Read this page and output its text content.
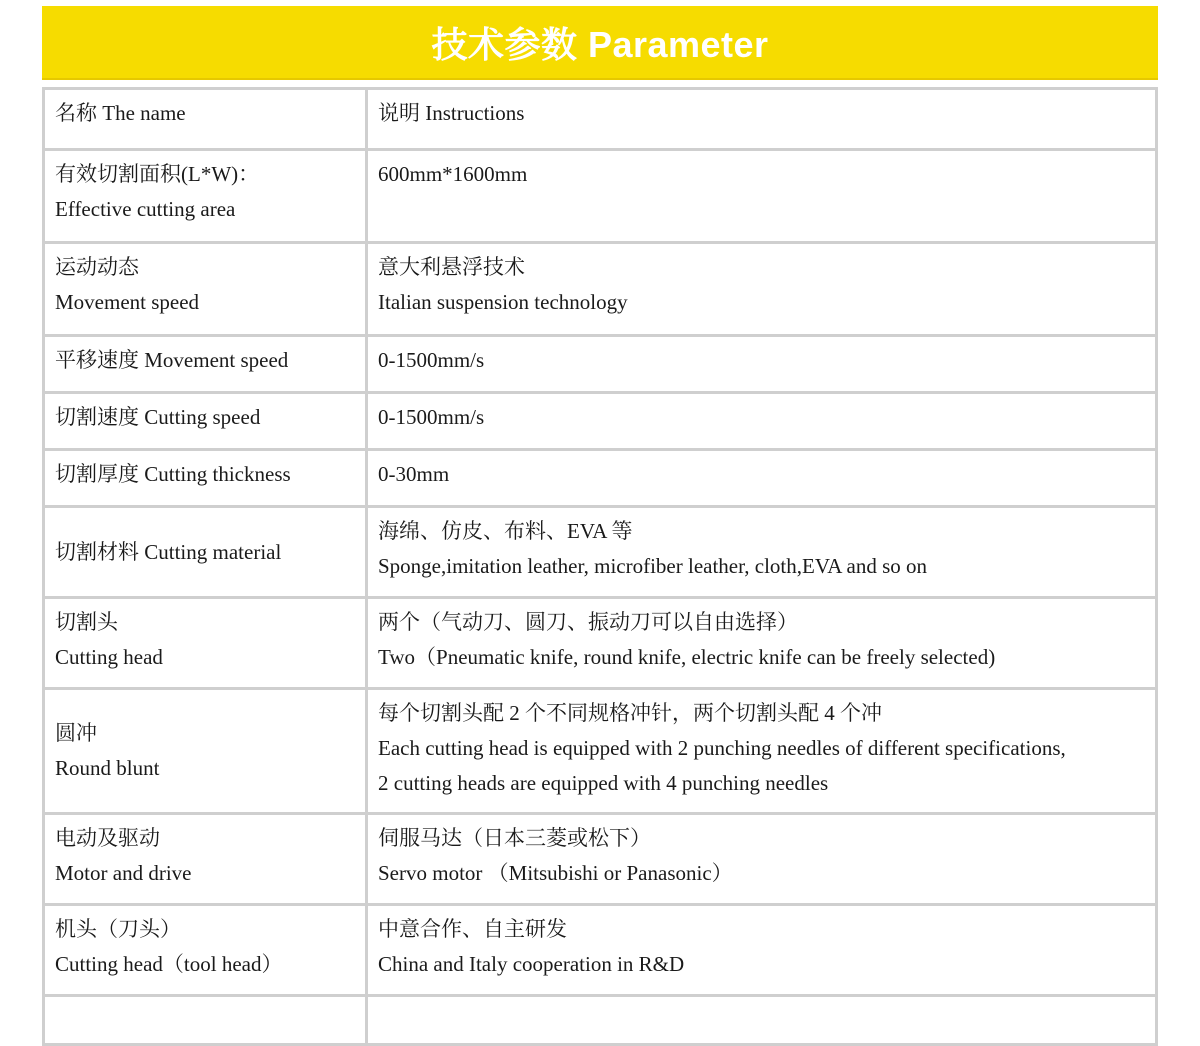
技术参数 Parameter
名称 The name	说明 Instructions

有效切割面积(L*W)：
Effective cutting area	600mm*1600mm

运动动态
Movement speed	意大利悬浮技术
Italian suspension technology

平移速度 Movement speed	0-1500mm/s

切割速度 Cutting speed	0-1500mm/s

切割厚度 Cutting thickness	0-30mm

切割材料 Cutting material	海绵、仿皮、布料、EVA 等
Sponge,imitation leather, microfiber leather, cloth,EVA and so on

切割头
Cutting head	两个（气动刀、圆刀、振动刀可以自由选择）
Two（Pneumatic knife, round knife, electric knife can be freely selected)

圆冲
Round blunt	每个切割头配 2 个不同规格冲针，两个切割头配 4 个冲
Each cutting head is equipped with 2 punching needles of different specifications,
2 cutting heads are equipped with 4 punching needles

电动及驱动
Motor and drive	伺服马达（日本三菱或松下）
Servo motor （Mitsubishi or Panasonic）

机头（刀头）
Cutting head（tool head）	中意合作、自主研发
China and Italy cooperation in R&D
